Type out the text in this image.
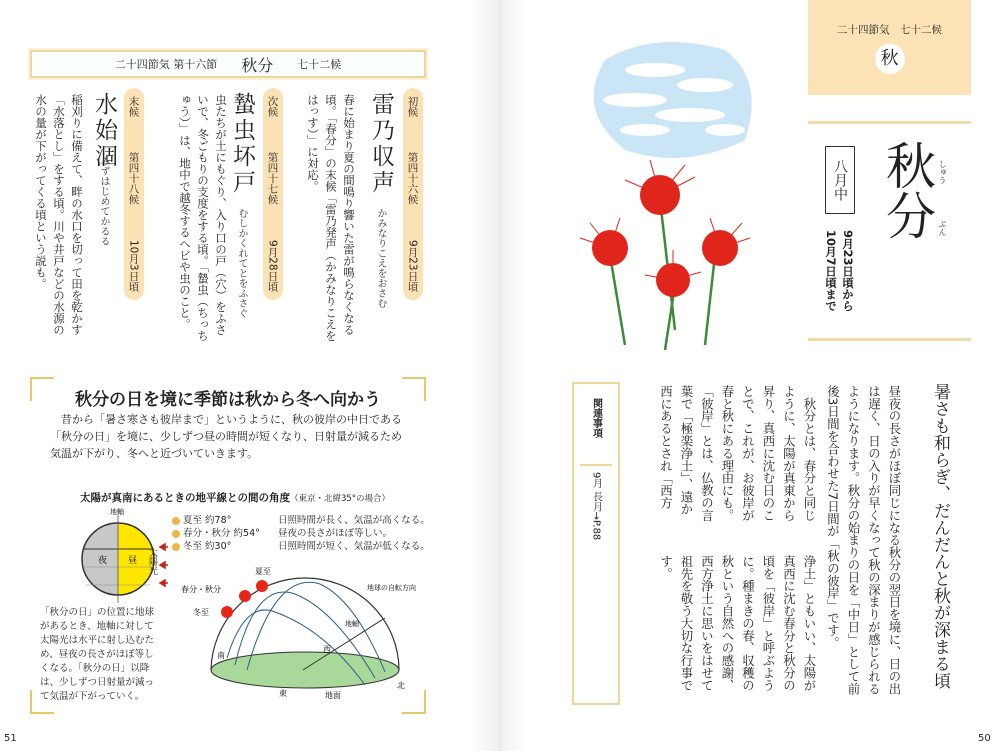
二十四節気 第十六節 秋分 七十二候
初候
第四十六候
9月23日頃
雷乃収声
かみなりこえをおさむ
春に始まり夏の間鳴り響いた雷が鳴らなくなる頃。「春分」の末候「雷乃発声（かみなりこえをはっす）」に対応。
次候
第四十七候
9月28日頃
蟄虫坏戸
むしかくれてとをふさぐ
虫たちが土にもぐり、入り口の戸（穴）をふさいで、冬ごもりの支度をする頃。「蟄虫（ちっちゅう）」は、地中で越冬するヘビや虫のこと。
末候
第四十八候
10月3日頃
水始涸
みずはじめてかるる
稲刈りに備えて、畔の水口を切って田を乾かす「水落とし」をする頃。川や井戸などの水源の水の量が下がってくる頃という説も。
秋分の日を境に季節は秋から冬へ向かう
昔から「暑さ寒さも彼岸まで」というように、秋の彼岸の中日である「秋分の日」を境に、少しずつ昼の時間が短くなり、日射量が減るため気温が下がり、冬へと近づいていきます。
太陽が真南にあるときの地平線との間の角度（東京・北緯35°の場合）
地軸
夜 昼 太陽光
夏至 約78°	日照時間が長く、気温が高くなる。
春分・秋分 約54°	昼夜の長さがほぼ等しい。
冬至 約30°	日照時間が短く、気温が低くなる。
「秋分の日」の位置に地球があるとき、地軸に対して太陽光は水平に射し込むため、昼夜の長さがほぼ等しくなる。「秋分の日」以降は、少しずつ日射量が減って気温が下がっていく。
夏至
春分・秋分
冬至
地球の自転方向
地軸
西
南
東
北
地面
51
二十四節気　七十二候
秋
秋分
しゅう
ぶん
八月中
9月23日頃から 10月7日頃まで
暑さも和らぎ、だんだんと秋が深まる頃
昼夜の長さがほぼ同じになる秋分の翌日を境に、日の出は遅く、日の入りが早くなって秋の深まりが感じられるようになります。秋分の始まりの日を「中日」として前後3日間を合わせた7日間が「秋の彼岸」です。
　秋分とは、春分と同じように、太陽が真東から昇り、真西に沈む日のことで、これが、お彼岸が春と秋にある理由にも。「彼岸」とは、仏教の言葉で「極楽浄土」、遠か西にあるとされ「西方
浄土」ともいい、太陽が真西に沈む春分と秋分の頃を「彼岸」と呼ぶように。種まきの春、収穫の秋という自然への感謝、西方浄土に思いをはせて祖先を敬う大切な行事です。
関連事項
9月 長月→P.88
50
